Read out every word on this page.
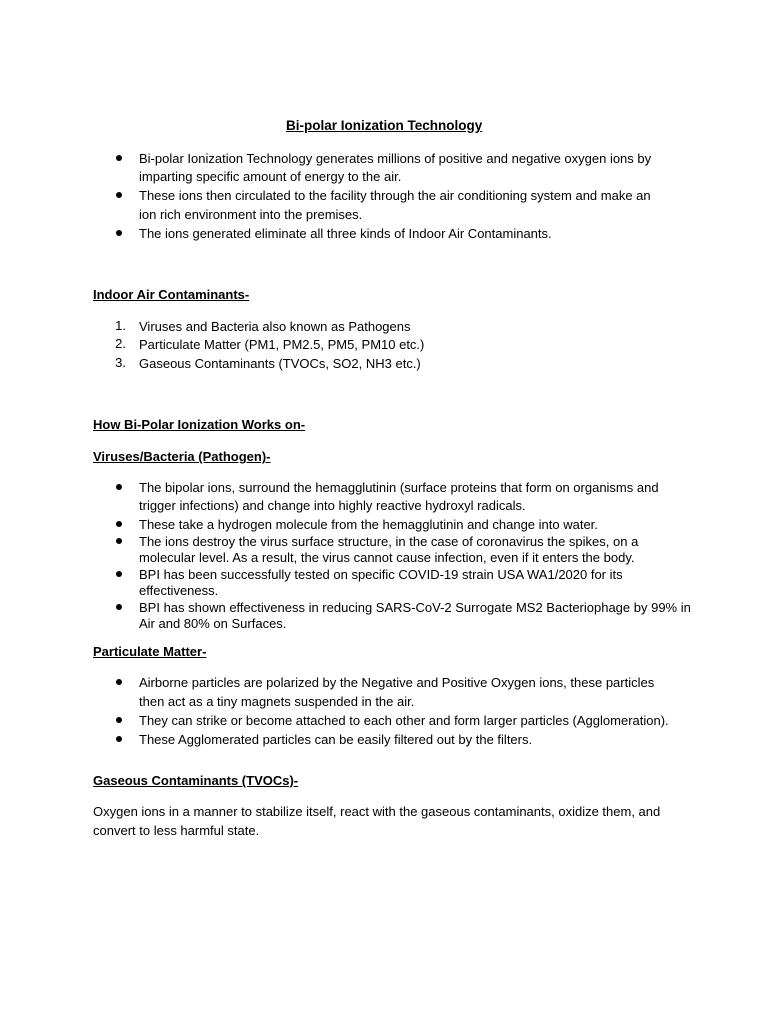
Bi-polar Ionization Technology
Bi-polar Ionization Technology generates millions of positive and negative oxygen ions by
imparting specific amount of energy to the air.
These ions then circulated to the facility through the air conditioning system and make an
ion rich environment into the premises.
The ions generated eliminate all three kinds of Indoor Air Contaminants.
Indoor Air Contaminants-
1. Viruses and Bacteria also known as Pathogens
2. Particulate Matter (PM1, PM2.5, PM5, PM10 etc.)
3. Gaseous Contaminants (TVOCs, SO2, NH3 etc.)
How Bi-Polar Ionization Works on-
Viruses/Bacteria (Pathogen)-
The bipolar ions, surround the hemagglutinin (surface proteins that form on organisms and
trigger infections) and change into highly reactive hydroxyl radicals.
These take a hydrogen molecule from the hemagglutinin and change into water.
The ions destroy the virus surface structure, in the case of coronavirus the spikes, on a
molecular level. As a result, the virus cannot cause infection, even if it enters the body.
BPI has been successfully tested on specific COVID-19 strain USA WA1/2020 for its
effectiveness.
BPI has shown effectiveness in reducing SARS-CoV-2 Surrogate MS2 Bacteriophage by 99% in
Air and 80% on Surfaces.
Particulate Matter-
Airborne particles are polarized by the Negative and Positive Oxygen ions, these particles
then act as a tiny magnets suspended in the air.
They can strike or become attached to each other and form larger particles (Agglomeration).
These Agglomerated particles can be easily filtered out by the filters.
Gaseous Contaminants (TVOCs)-
Oxygen ions in a manner to stabilize itself, react with the gaseous contaminants, oxidize them, and
convert to less harmful state.
